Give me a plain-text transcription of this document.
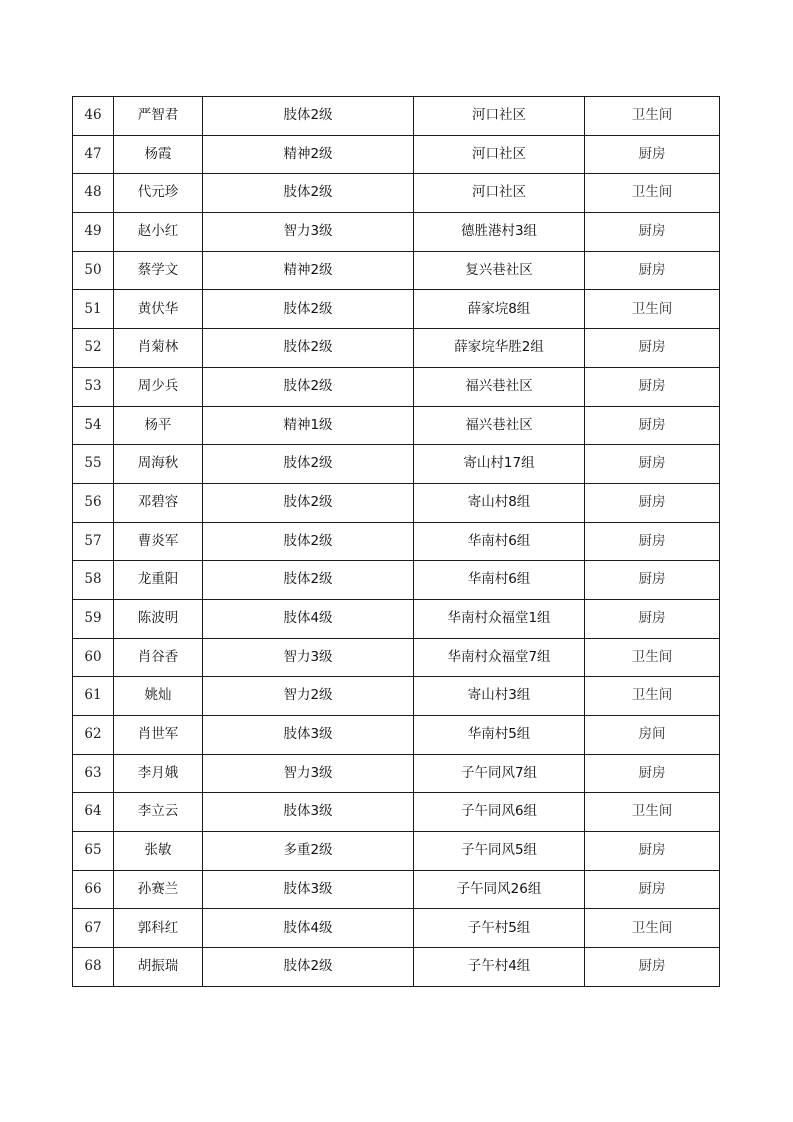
46	严智君	肢体2级	河口社区	卫生间
47	杨霞	精神2级	河口社区	厨房
48	代元珍	肢体2级	河口社区	卫生间
49	赵小红	智力3级	德胜港村3组	厨房
50	蔡学文	精神2级	复兴巷社区	厨房
51	黄伏华	肢体2级	薛家垸8组	卫生间
52	肖菊林	肢体2级	薛家垸华胜2组	厨房
53	周少兵	肢体2级	福兴巷社区	厨房
54	杨平	精神1级	福兴巷社区	厨房
55	周海秋	肢体2级	寄山村17组	厨房
56	邓碧容	肢体2级	寄山村8组	厨房
57	曹炎军	肢体2级	华南村6组	厨房
58	龙重阳	肢体2级	华南村6组	厨房
59	陈波明	肢体4级	华南村众福堂1组	厨房
60	肖谷香	智力3级	华南村众福堂7组	卫生间
61	姚灿	智力2级	寄山村3组	卫生间
62	肖世军	肢体3级	华南村5组	房间
63	李月娥	智力3级	子午同风7组	厨房
64	李立云	肢体3级	子午同风6组	卫生间
65	张敏	多重2级	子午同风5组	厨房
66	孙赛兰	肢体3级	子午同风26组	厨房
67	郭科红	肢体4级	子午村5组	卫生间
68	胡振瑞	肢体2级	子午村4组	厨房
